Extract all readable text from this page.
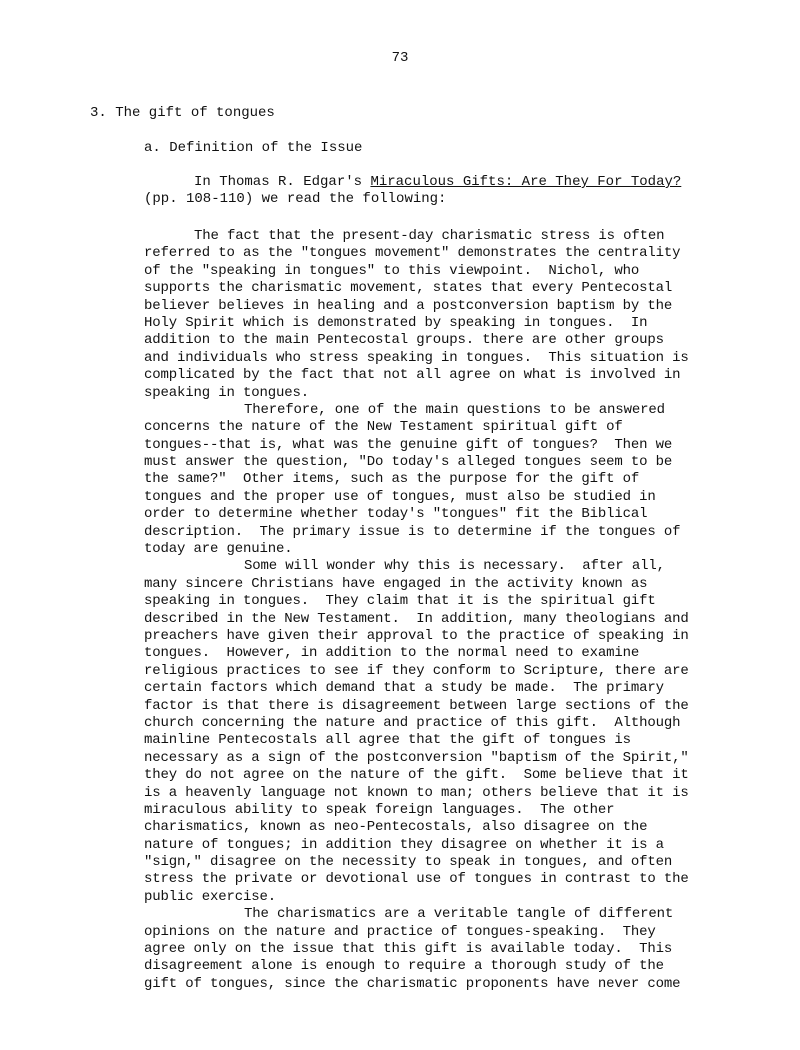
73
3. The gift of tongues
a. Definition of the Issue
In Thomas R. Edgar's Miraculous Gifts: Are They For Today?
(pp. 108-110) we read the following:
The fact that the present-day charismatic stress is often
referred to as the "tongues movement" demonstrates the centrality
of the "speaking in tongues" to this viewpoint.  Nichol, who
supports the charismatic movement, states that every Pentecostal
believer believes in healing and a postconversion baptism by the
Holy Spirit which is demonstrated by speaking in tongues.  In
addition to the main Pentecostal groups. there are other groups
and individuals who stress speaking in tongues.  This situation is
complicated by the fact that not all agree on what is involved in
speaking in tongues.
Therefore, one of the main questions to be answered
concerns the nature of the New Testament spiritual gift of
tongues--that is, what was the genuine gift of tongues?  Then we
must answer the question, "Do today's alleged tongues seem to be
the same?"  Other items, such as the purpose for the gift of
tongues and the proper use of tongues, must also be studied in
order to determine whether today's "tongues" fit the Biblical
description.  The primary issue is to determine if the tongues of
today are genuine.
Some will wonder why this is necessary.  after all,
many sincere Christians have engaged in the activity known as
speaking in tongues.  They claim that it is the spiritual gift
described in the New Testament.  In addition, many theologians and
preachers have given their approval to the practice of speaking in
tongues.  However, in addition to the normal need to examine
religious practices to see if they conform to Scripture, there are
certain factors which demand that a study be made.  The primary
factor is that there is disagreement between large sections of the
church concerning the nature and practice of this gift.  Although
mainline Pentecostals all agree that the gift of tongues is
necessary as a sign of the postconversion "baptism of the Spirit,"
they do not agree on the nature of the gift.  Some believe that it
is a heavenly language not known to man; others believe that it is
miraculous ability to speak foreign languages.  The other
charismatics, known as neo-Pentecostals, also disagree on the
nature of tongues; in addition they disagree on whether it is a
"sign," disagree on the necessity to speak in tongues, and often
stress the private or devotional use of tongues in contrast to the
public exercise.
The charismatics are a veritable tangle of different
opinions on the nature and practice of tongues-speaking.  They
agree only on the issue that this gift is available today.  This
disagreement alone is enough to require a thorough study of the
gift of tongues, since the charismatic proponents have never come
